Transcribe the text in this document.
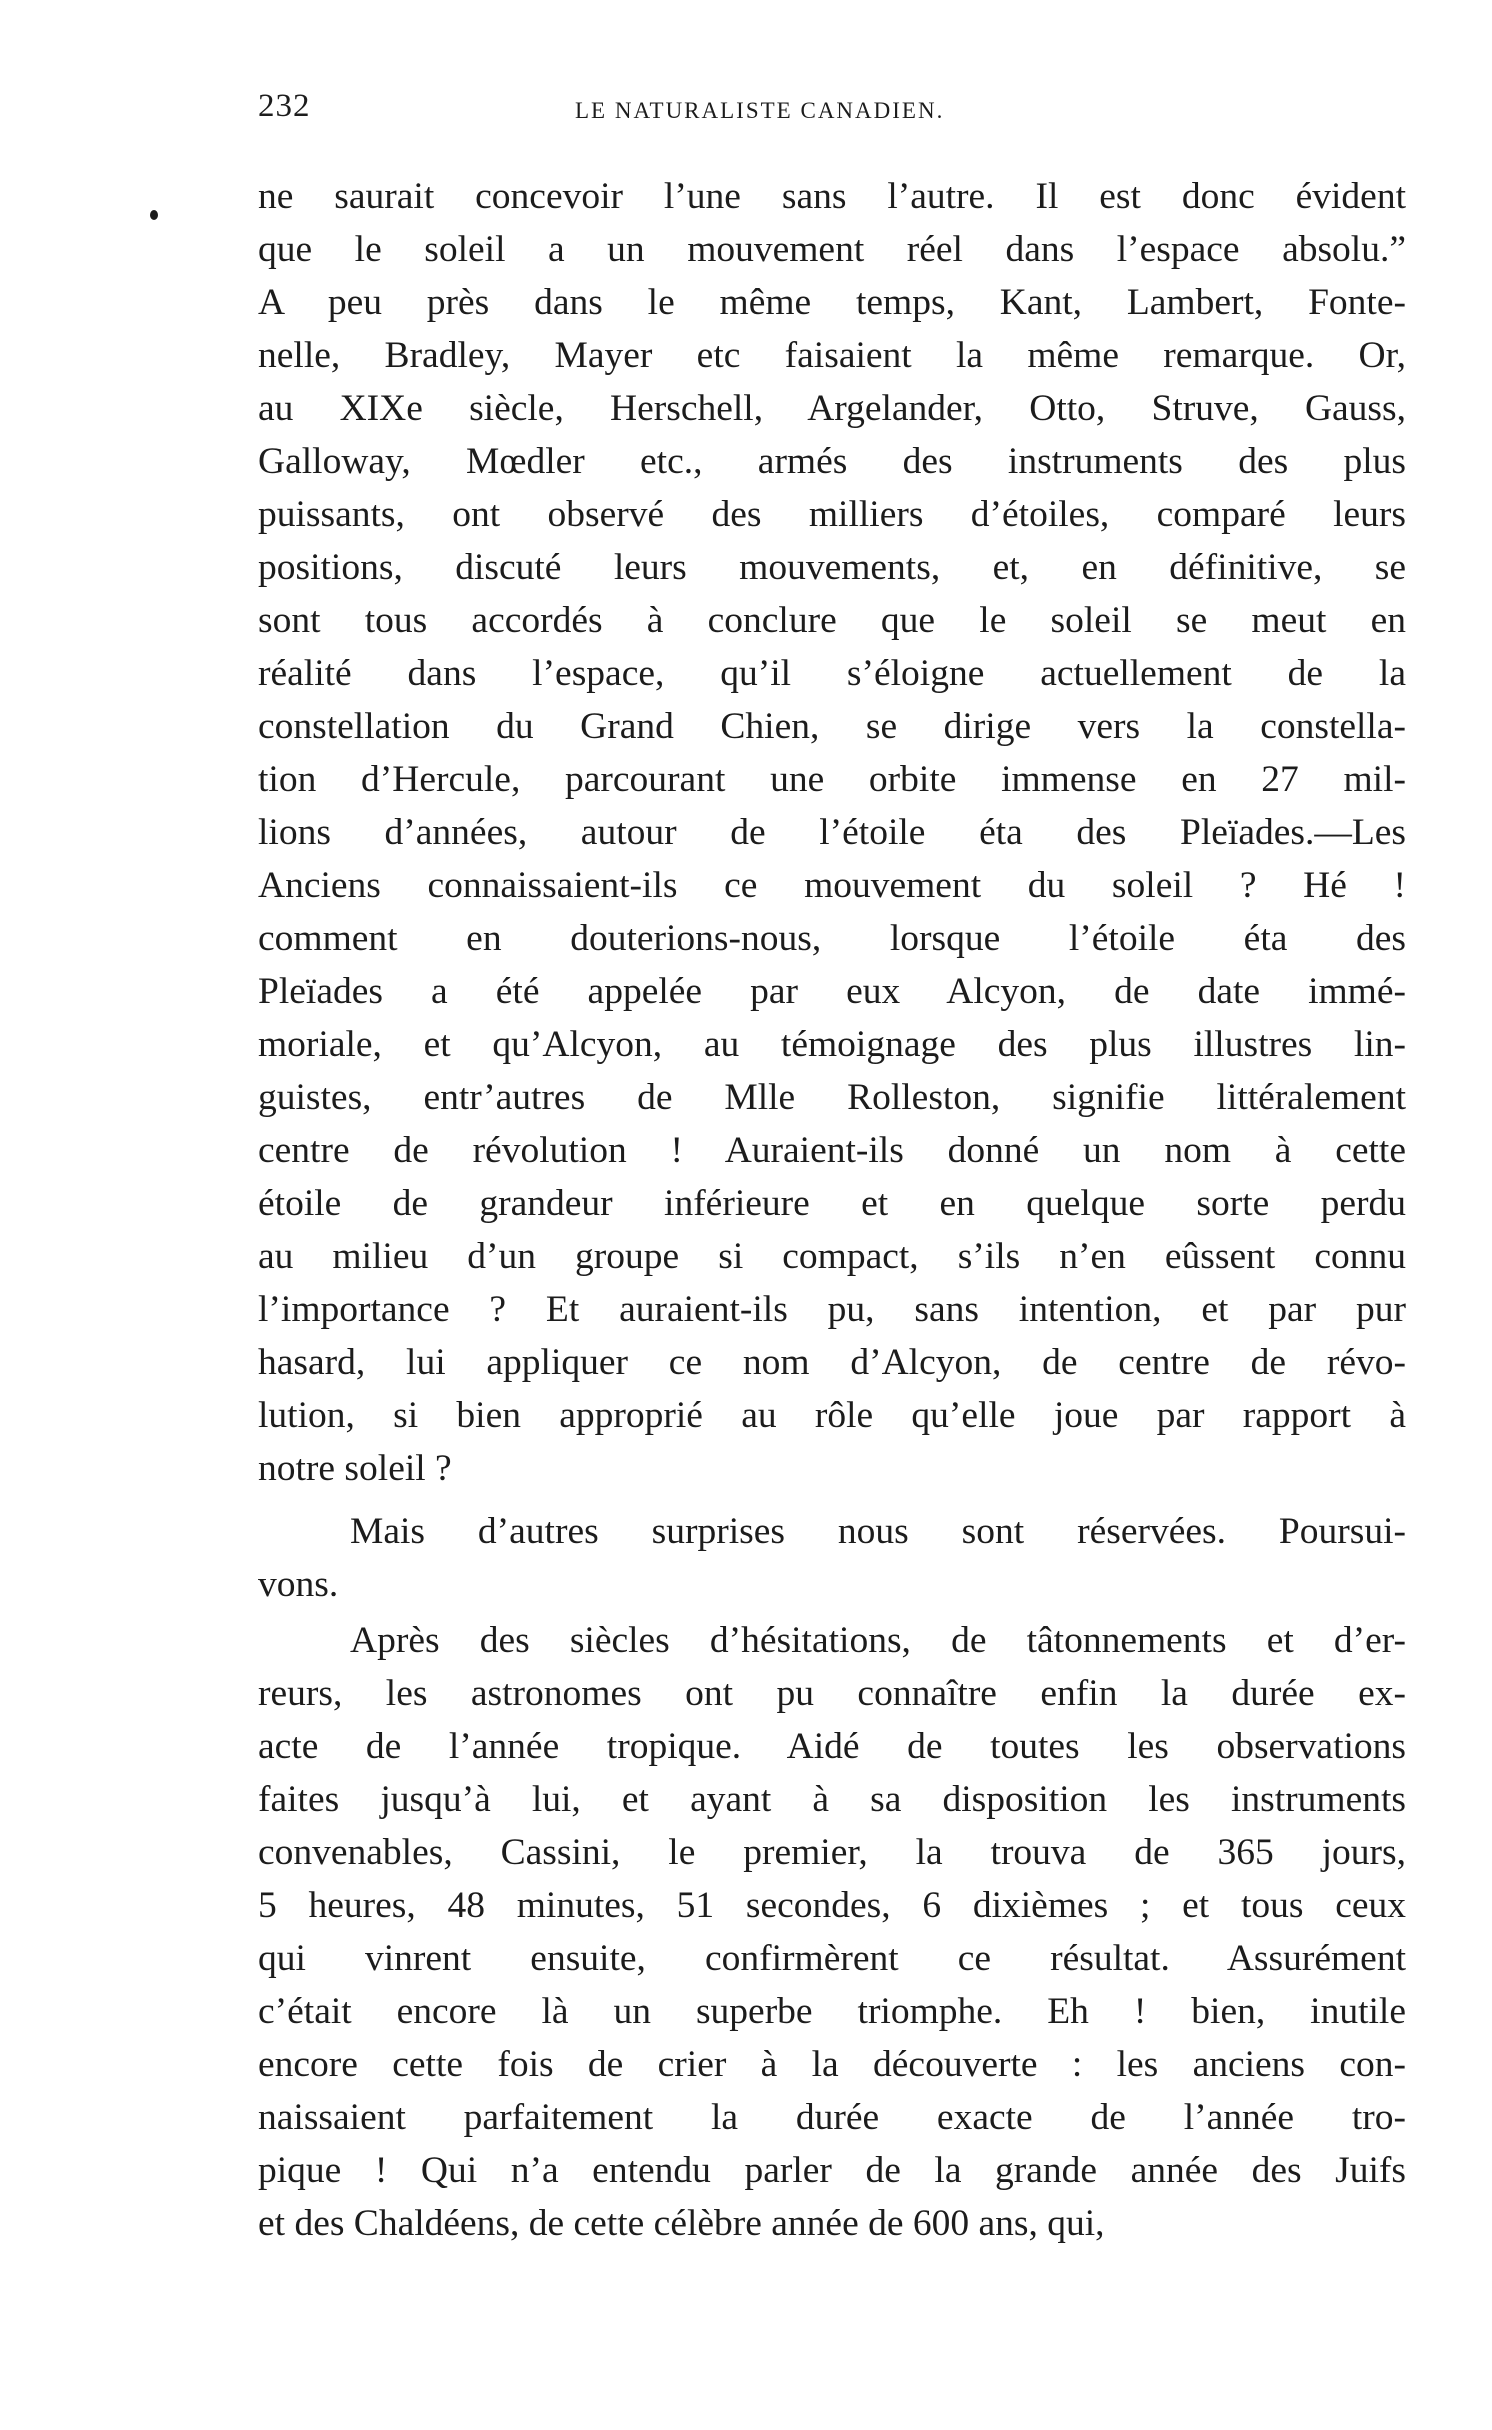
232	LE NATURALISTE CANADIEN.
ne saurait concevoir l’une sans l’autre. Il est donc évident
que le soleil a un mouvement réel dans l’espace absolu.”
A peu près dans le même temps, Kant, Lambert, Fonte-
nelle, Bradley, Mayer etc faisaient la même remarque. Or,
au XIXe siècle, Herschell, Argelander, Otto, Struve, Gauss,
Galloway, Mœdler etc., armés des instruments des plus
puissants, ont observé des milliers d’étoiles, comparé leurs
positions, discuté leurs mouvements, et, en définitive, se
sont tous accordés à conclure que le soleil se meut en
réalité dans l’espace, qu’il s’éloigne actuellement de la
constellation du Grand Chien, se dirige vers la constella-
tion d’Hercule, parcourant une orbite immense en 27 mil-
lions d’années, autour de l’étoile éta des Pleïades.—Les
Anciens connaissaient-ils ce mouvement du soleil ? Hé !
comment en douterions-nous, lorsque l’étoile éta des
Pleïades a été appelée par eux Alcyon, de date immé-
moriale, et qu’Alcyon, au témoignage des plus illustres lin-
guistes, entr’autres de Mlle Rolleston, signifie littéralement
centre de révolution ! Auraient-ils donné un nom à cette
étoile de grandeur inférieure et en quelque sorte perdu
au milieu d’un groupe si compact, s’ils n’en eûssent connu
l’importance ? Et auraient-ils pu, sans intention, et par pur
hasard, lui appliquer ce nom d’Alcyon, de centre de révo-
lution, si bien approprié au rôle qu’elle joue par rapport à
notre soleil ?
Mais d’autres surprises nous sont réservées. Poursui-
vons.
Après des siècles d’hésitations, de tâtonnements et d’er-
reurs, les astronomes ont pu connaître enfin la durée ex-
acte de l’année tropique. Aidé de toutes les observations
faites jusqu’à lui, et ayant à sa disposition les instruments
convenables, Cassini, le premier, la trouva de 365 jours,
5 heures, 48 minutes, 51 secondes, 6 dixièmes ; et tous ceux
qui vinrent ensuite, confirmèrent ce résultat. Assurément
c’était encore là un superbe triomphe. Eh ! bien, inutile
encore cette fois de crier à la découverte : les anciens con-
naissaient parfaitement la durée exacte de l’année tro-
pique ! Qui n’a entendu parler de la grande année des Juifs
et des Chaldéens, de cette célèbre année de 600 ans, qui,
